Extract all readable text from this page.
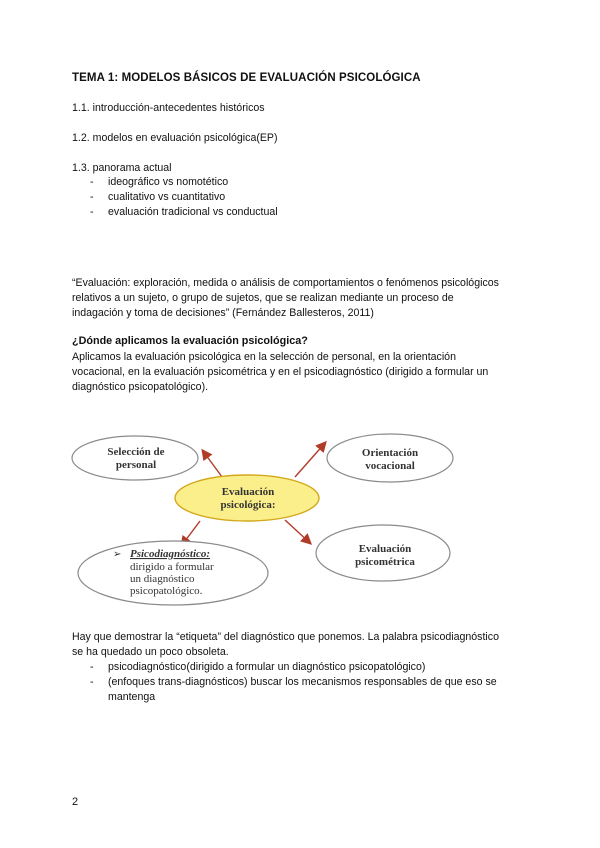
TEMA 1: MODELOS BÁSICOS DE EVALUACIÓN PSICOLÓGICA
1.1. introducción-antecedentes históricos
1.2. modelos en evaluación psicológica(EP)
1.3. panorama actual
- ideográfico vs nomotético
- cualitativo vs cuantitativo
- evaluación tradicional vs conductual
“Evaluación: exploración, medida o análisis de comportamientos o fenómenos psicológicos
relativos a un sujeto, o grupo de sujetos, que se realizan mediante un proceso de
indagación y toma de decisiones” (Fernández Ballesteros, 2011)
¿Dónde aplicamos la evaluación psicológica?
Aplicamos la evaluación psicológica en la selección de personal, en la orientación
vocacional, en la evaluación psicométrica y en el psicodiagnóstico (dirigido a formular un
diagnóstico psicopatológico).
Selección de
personal
Orientación
vocacional
Evaluación
psicológica:
Evaluación
psicométrica
➢ Psicodiagnóstico:
dirigido a formular
un diagnóstico
psicopatológico.
Hay que demostrar la “etiqueta” del diagnóstico que ponemos. La palabra psicodiagnóstico
se ha quedado un poco obsoleta.
- psicodiagnóstico(dirigido a formular un diagnóstico psicopatológico)
- (enfoques trans-diagnósticos) buscar los mecanismos responsables de que eso se
mantenga
2
